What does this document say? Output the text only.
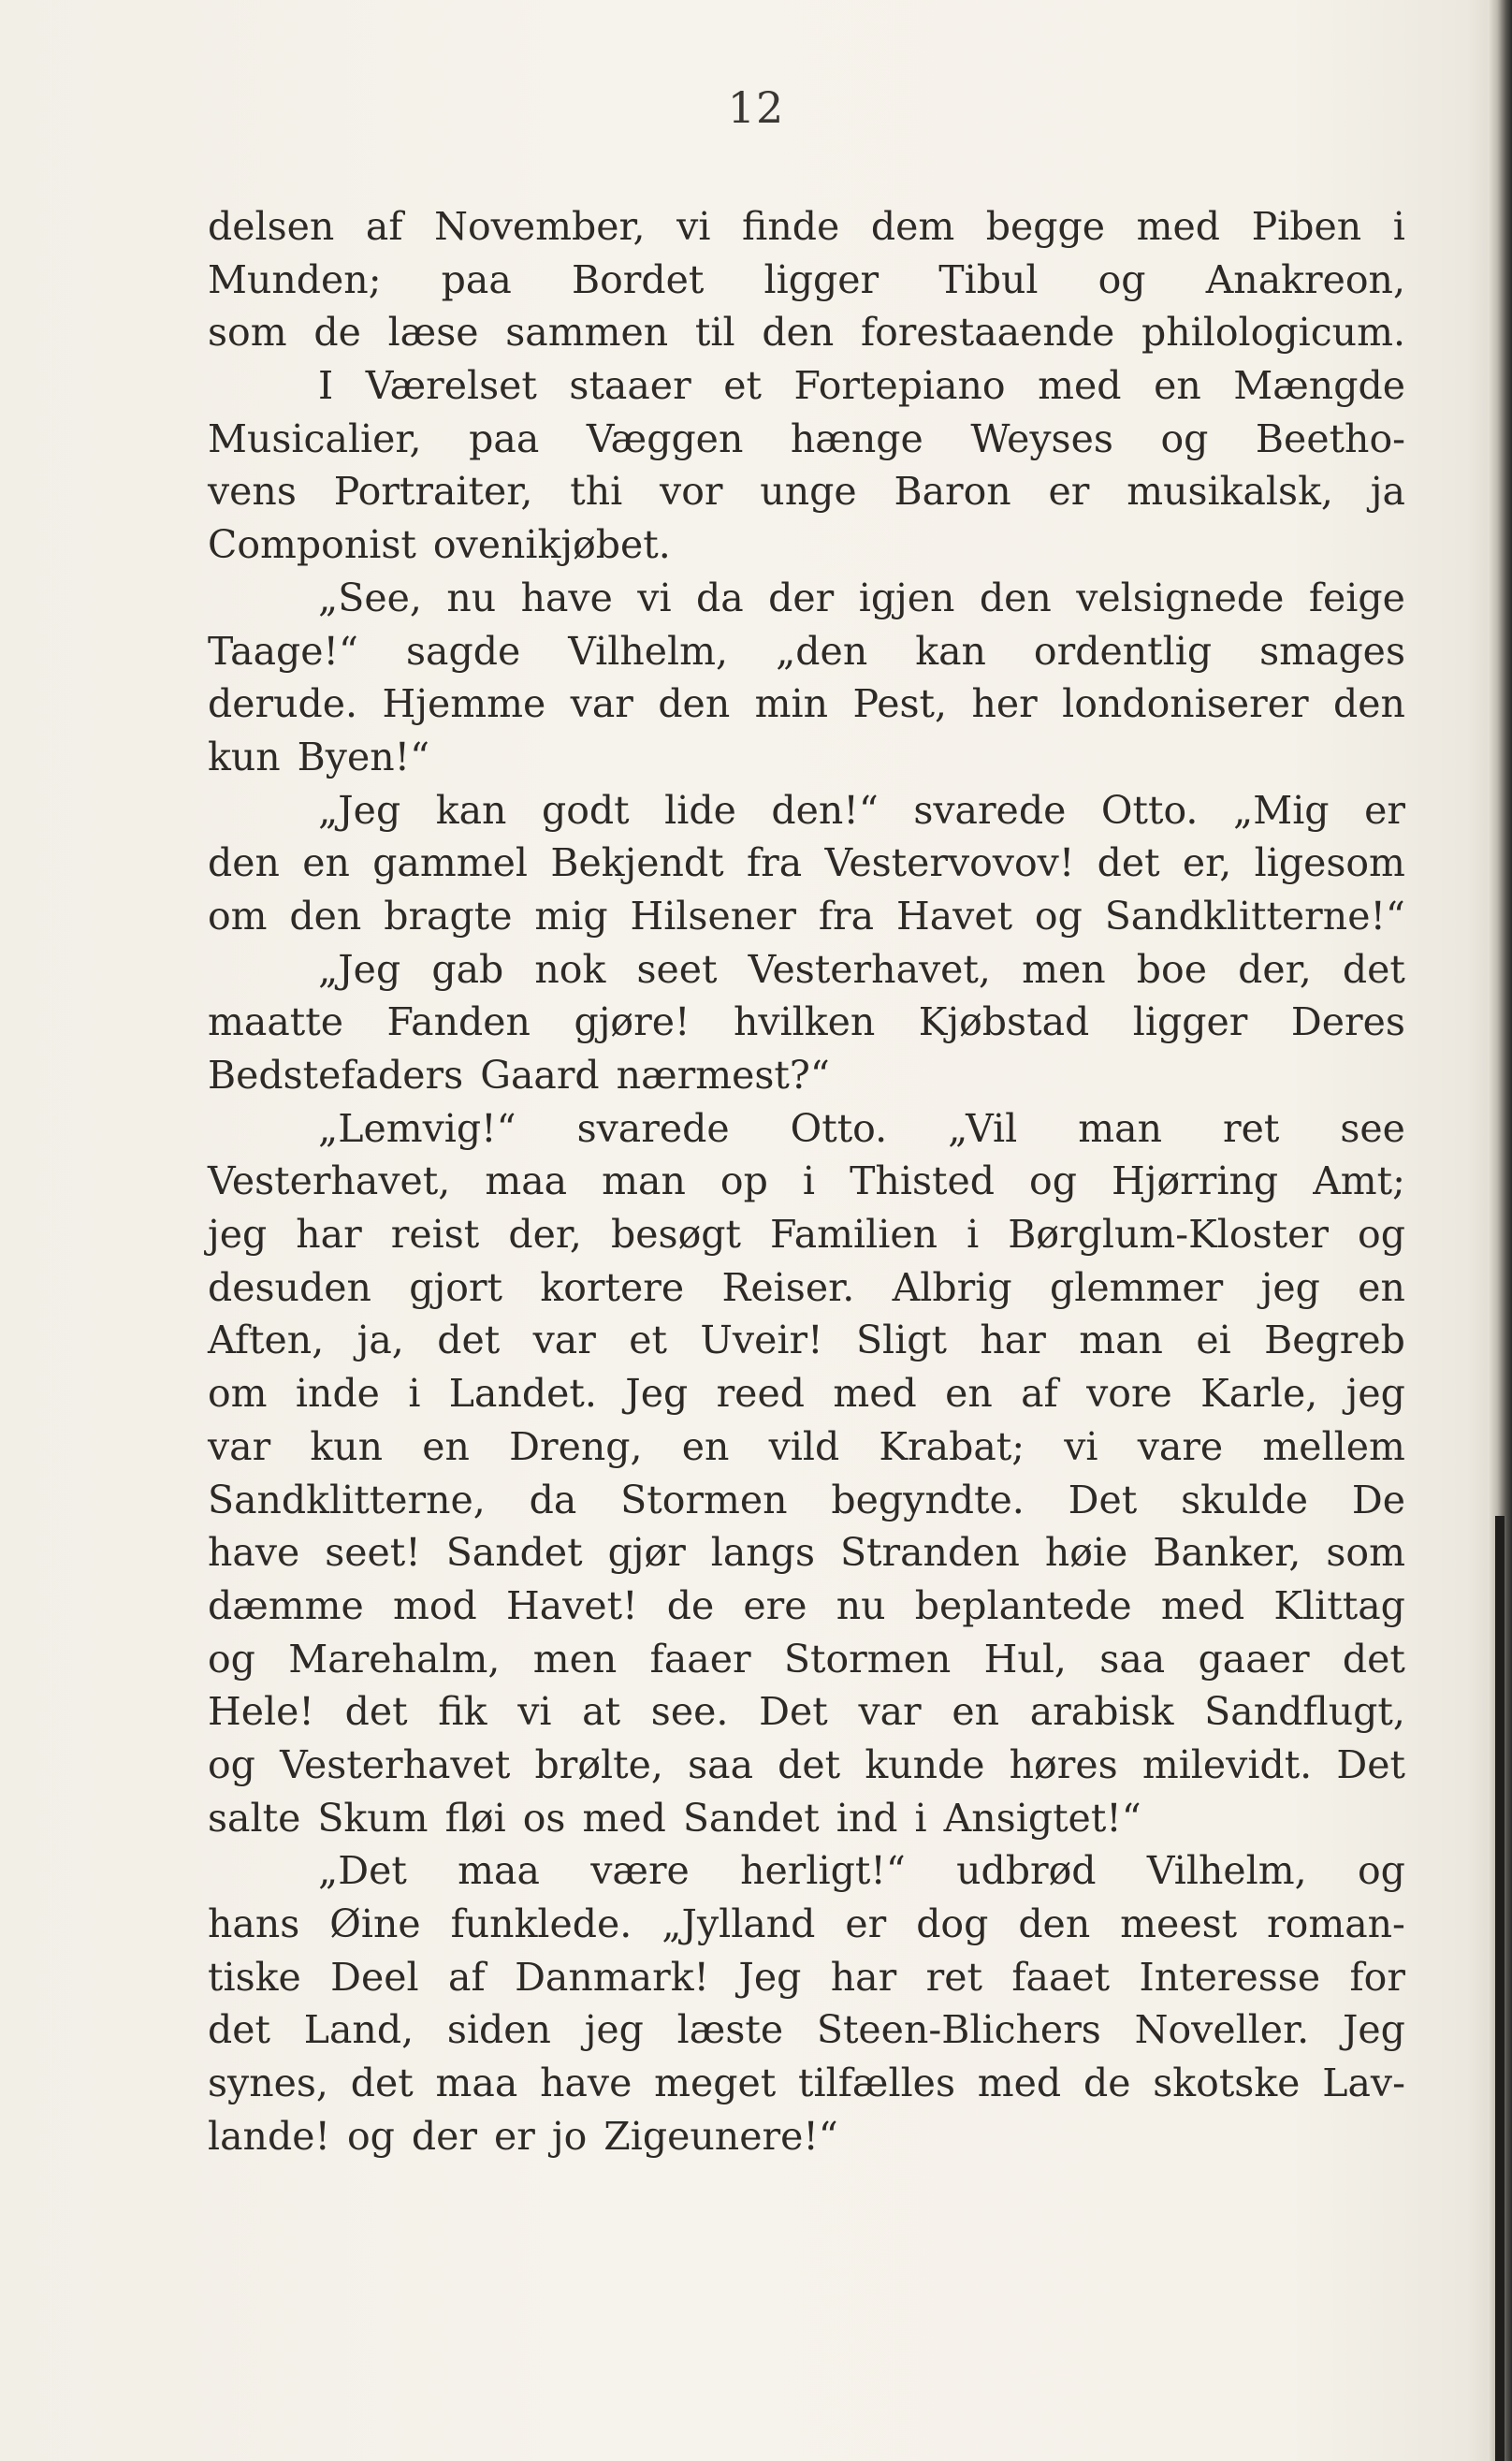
12
delsen af November, vi finde dem begge med Piben i
Munden; paa Bordet ligger Tibul og Anakreon,
som de læse sammen til den forestaaende philologicum.
I Værelset staaer et Fortepiano med en Mængde
Musicalier, paa Væggen hænge Weyses og Beetho-
vens Portraiter, thi vor unge Baron er musikalsk, ja
Componist ovenikjøbet.
„See, nu have vi da der igjen den velsignede feige
Taage!“ sagde Vilhelm, „den kan ordentlig smages
derude. Hjemme var den min Pest, her londoniserer den
kun Byen!“
„Jeg kan godt lide den!“ svarede Otto. „Mig er
den en gammel Bekjendt fra Vestervovov! det er, ligesom
om den bragte mig Hilsener fra Havet og Sandklitterne!“
„Jeg gab nok seet Vesterhavet, men boe der, det
maatte Fanden gjøre! hvilken Kjøbstad ligger Deres
Bedstefaders Gaard nærmest?“
„Lemvig!“ svarede Otto. „Vil man ret see
Vesterhavet, maa man op i Thisted og Hjørring Amt;
jeg har reist der, besøgt Familien i Børglum-Kloster og
desuden gjort kortere Reiser. Albrig glemmer jeg en
Aften, ja, det var et Uveir! Sligt har man ei Begreb
om inde i Landet. Jeg reed med en af vore Karle, jeg
var kun en Dreng, en vild Krabat; vi vare mellem
Sandklitterne, da Stormen begyndte. Det skulde De
have seet! Sandet gjør langs Stranden høie Banker, som
dæmme mod Havet! de ere nu beplantede med Klittag
og Marehalm, men faaer Stormen Hul, saa gaaer det
Hele! det fik vi at see. Det var en arabisk Sandflugt,
og Vesterhavet brølte, saa det kunde høres milevidt. Det
salte Skum fløi os med Sandet ind i Ansigtet!“
„Det maa være herligt!“ udbrød Vilhelm, og
hans Øine funklede. „Jylland er dog den meest roman-
tiske Deel af Danmark! Jeg har ret faaet Interesse for
det Land, siden jeg læste Steen-Blichers Noveller. Jeg
synes, det maa have meget tilfælles med de skotske Lav-
lande! og der er jo Zigeunere!“
